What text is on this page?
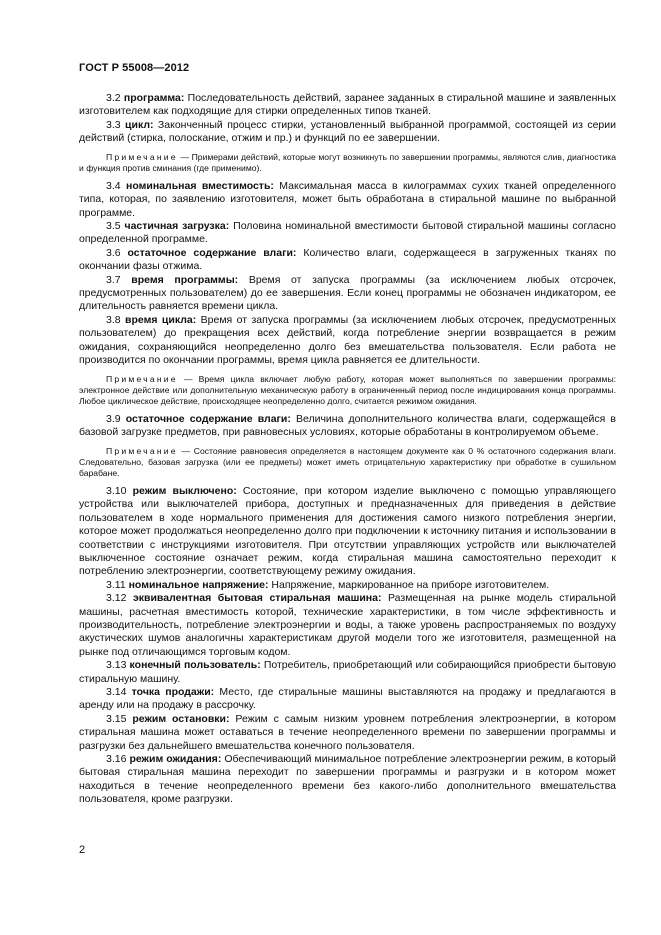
ГОСТ Р 55008—2012

3.2 программа: Последовательность действий, заранее заданных в стиральной машине и заявленных изготовителем как подходящие для стирки определенных типов тканей.

3.3 цикл: Законченный процесс стирки, установленный выбранной программой, состоящей из серии действий (стирка, полоскание, отжим и пр.) и функций по ее завершении.

Примечание — Примерами действий, которые могут возникнуть по завершении программы, являются слив, диагностика и функция против сминания (где применимо).

3.4 номинальная вместимость: Максимальная масса в килограммах сухих тканей определенного типа, которая, по заявлению изготовителя, может быть обработана в стиральной машине по выбранной программе.

3.5 частичная загрузка: Половина номинальной вместимости бытовой стиральной машины согласно определенной программе.

3.6 остаточное содержание влаги: Количество влаги, содержащееся в загруженных тканях по окончании фазы отжима.

3.7 время программы: Время от запуска программы (за исключением любых отсрочек, предусмотренных пользователем) до ее завершения. Если конец программы не обозначен индикатором, ее длительность равняется времени цикла.

3.8 время цикла: Время от запуска программы (за исключением любых отсрочек, предусмотренных пользователем) до прекращения всех действий, когда потребление энергии возвращается в режим ожидания, сохраняющийся неопределенно долго без вмешательства пользователя. Если работа не производится по окончании программы, время цикла равняется ее длительности.

Примечание — Время цикла включает любую работу, которая может выполняться по завершении программы: электронное действие или дополнительную механическую работу в ограниченный период после индицирования конца программы. Любое циклическое действие, происходящее неопределенно долго, считается режимом ожидания.

3.9 остаточное содержание влаги: Величина дополнительного количества влаги, содержащейся в базовой загрузке предметов, при равновесных условиях, которые обработаны в контролируемом объеме.

Примечание — Состояние равновесия определяется в настоящем документе как 0 % остаточного содержания влаги. Следовательно, базовая загрузка (или ее предметы) может иметь отрицательную характеристику при обработке в сушильном барабане.

3.10 режим выключено: Состояние, при котором изделие выключено с помощью управляющего устройства или выключателей прибора, доступных и предназначенных для приведения в действие пользователем в ходе нормального применения для достижения самого низкого потребления энергии, которое может продолжаться неопределенно долго при подключении к источнику питания и использовании в соответствии с инструкциями изготовителя. При отсутствии управляющих устройств или выключателей выключенное состояние означает режим, когда стиральная машина самостоятельно переходит к потреблению электроэнергии, соответствующему режиму ожидания.

3.11 номинальное напряжение: Напряжение, маркированное на приборе изготовителем.

3.12 эквивалентная бытовая стиральная машина: Размещенная на рынке модель стиральной машины, расчетная вместимость которой, технические характеристики, в том числе эффективность и производительность, потребление электроэнергии и воды, а также уровень распространяемых по воздуху акустических шумов аналогичны характеристикам другой модели того же изготовителя, размещенной на рынке под отличающимся торговым кодом.

3.13 конечный пользователь: Потребитель, приобретающий или собирающийся приобрести бытовую стиральную машину.

3.14 точка продажи: Место, где стиральные машины выставляются на продажу и предлагаются в аренду или на продажу в рассрочку.

3.15 режим остановки: Режим с самым низким уровнем потребления электроэнергии, в котором стиральная машина может оставаться в течение неопределенного времени по завершении программы и разгрузки без дальнейшего вмешательства конечного пользователя.

3.16 режим ожидания: Обеспечивающий минимальное потребление электроэнергии режим, в который бытовая стиральная машина переходит по завершении программы и разгрузки и в котором может находиться в течение неопределенного времени без какого-либо дополнительного вмешательства пользователя, кроме разгрузки.

2
